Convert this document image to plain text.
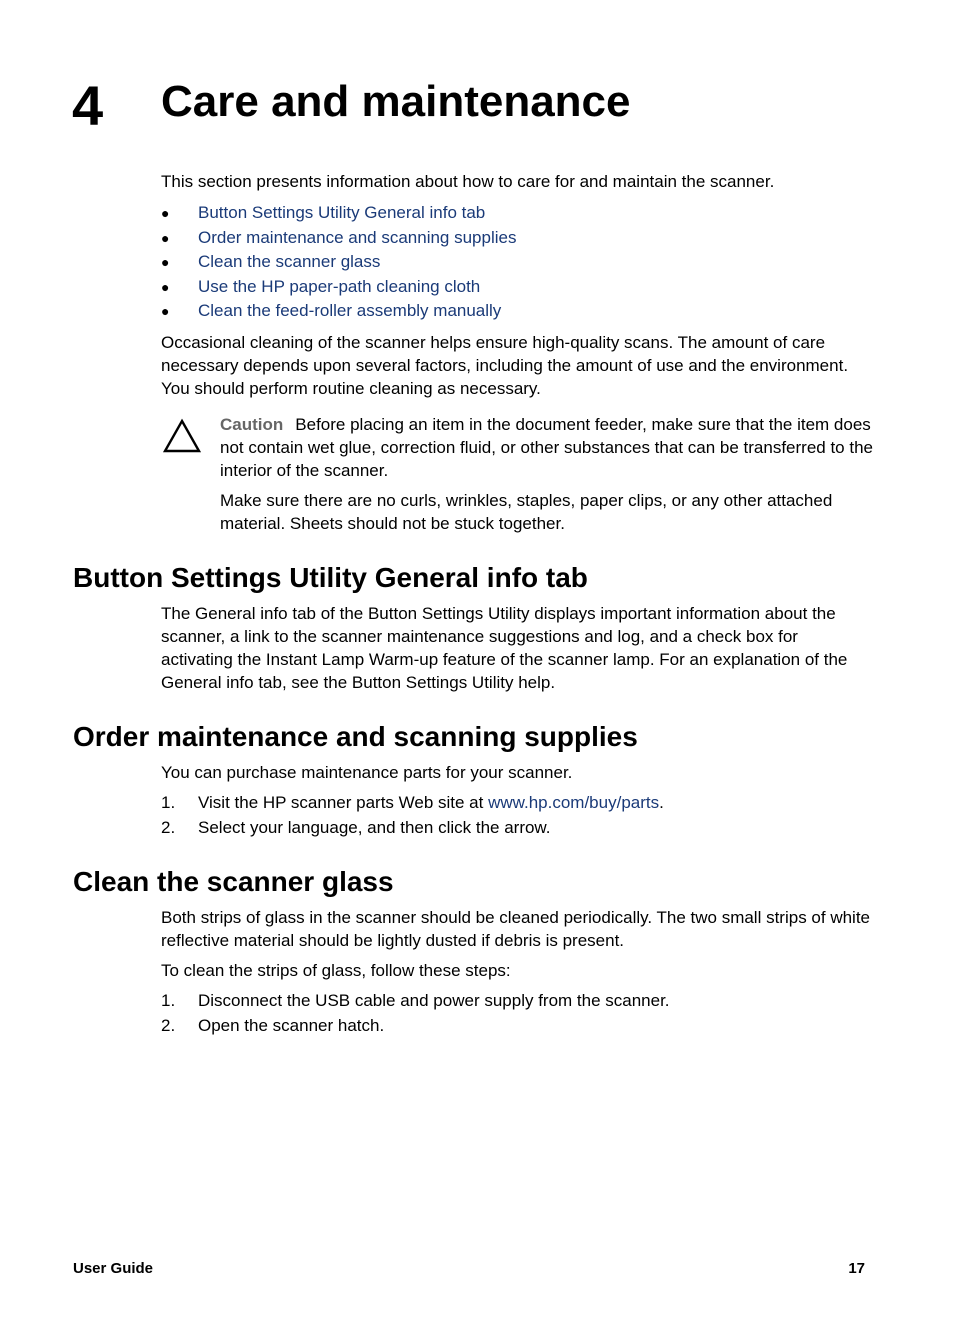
4 Care and maintenance

This section presents information about how to care for and maintain the scanner.

● Button Settings Utility General info tab
● Order maintenance and scanning supplies
● Clean the scanner glass
● Use the HP paper-path cleaning cloth
● Clean the feed-roller assembly manually

Occasional cleaning of the scanner helps ensure high-quality scans. The amount of care necessary depends upon several factors, including the amount of use and the environment. You should perform routine cleaning as necessary.

Caution Before placing an item in the document feeder, make sure that the item does not contain wet glue, correction fluid, or other substances that can be transferred to the interior of the scanner.

Make sure there are no curls, wrinkles, staples, paper clips, or any other attached material. Sheets should not be stuck together.

Button Settings Utility General info tab

The General info tab of the Button Settings Utility displays important information about the scanner, a link to the scanner maintenance suggestions and log, and a check box for activating the Instant Lamp Warm-up feature of the scanner lamp. For an explanation of the General info tab, see the Button Settings Utility help.

Order maintenance and scanning supplies

You can purchase maintenance parts for your scanner.

1. Visit the HP scanner parts Web site at www.hp.com/buy/parts.
2. Select your language, and then click the arrow.
Clean the scanner glass

Both strips of glass in the scanner should be cleaned periodically. The two small strips of white reflective material should be lightly dusted if debris is present.

To clean the strips of glass, follow these steps:

1. Disconnect the USB cable and power supply from the scanner.
2. Open the scanner hatch.
User Guide	17
